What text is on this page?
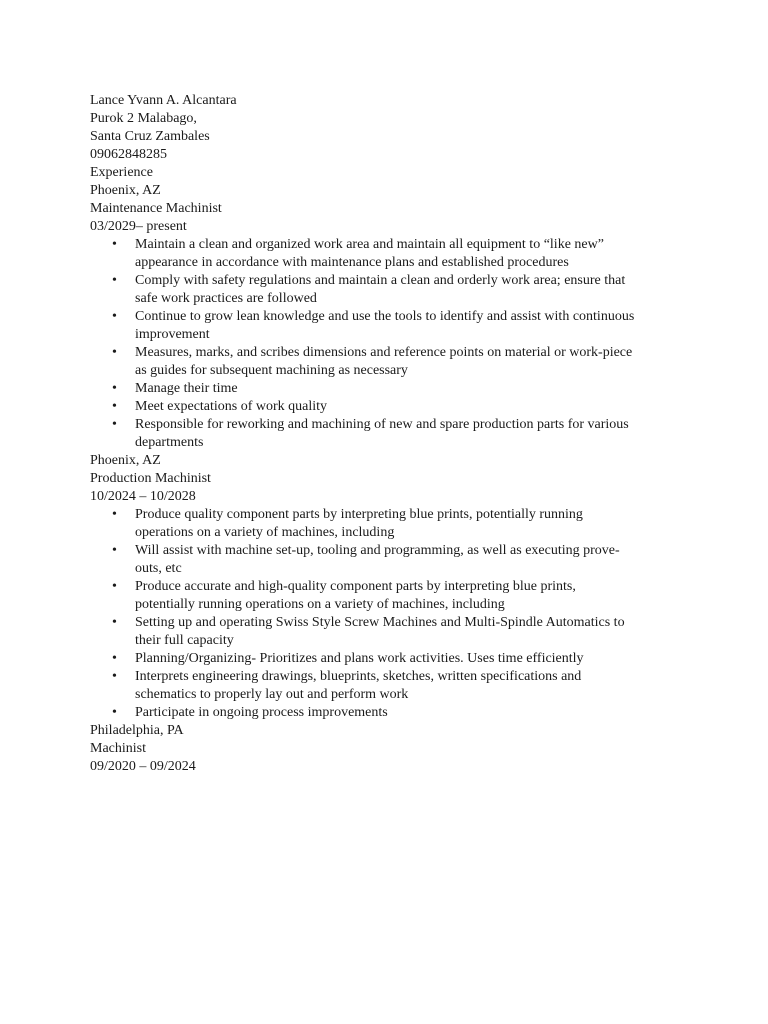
Lance Yvann A. Alcantara
Purok 2 Malabago,
Santa Cruz Zambales
09062848285
Experience
Phoenix, AZ
Maintenance Machinist
03/2029– present
• Maintain a clean and organized work area and maintain all equipment to “like new” appearance in accordance with maintenance plans and established procedures
• Comply with safety regulations and maintain a clean and orderly work area; ensure that safe work practices are followed
• Continue to grow lean knowledge and use the tools to identify and assist with continuous improvement
• Measures, marks, and scribes dimensions and reference points on material or work-piece as guides for subsequent machining as necessary
• Manage their time
• Meet expectations of work quality
• Responsible for reworking and machining of new and spare production parts for various departments
Phoenix, AZ
Production Machinist
10/2024 – 10/2028
• Produce quality component parts by interpreting blue prints, potentially running operations on a variety of machines, including
• Will assist with machine set-up, tooling and programming, as well as executing prove-outs, etc
• Produce accurate and high-quality component parts by interpreting blue prints, potentially running operations on a variety of machines, including
• Setting up and operating Swiss Style Screw Machines and Multi-Spindle Automatics to their full capacity
• Planning/Organizing- Prioritizes and plans work activities. Uses time efficiently
• Interprets engineering drawings, blueprints, sketches, written specifications and schematics to properly lay out and perform work
• Participate in ongoing process improvements
Philadelphia, PA
Machinist
09/2020 – 09/2024
